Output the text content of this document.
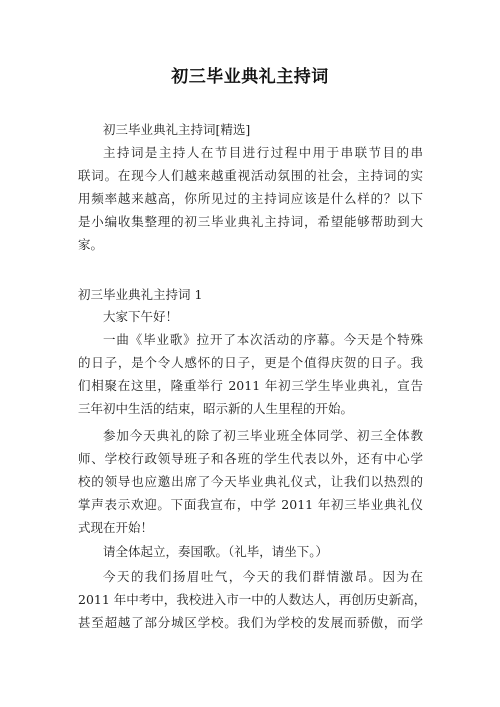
初三毕业典礼主持词
初三毕业典礼主持词[精选]
主持词是主持人在节目进行过程中用于串联节目的串
联词。在现今人们越来越重视活动氛围的社会，主持词的实
用频率越来越高，你所见过的主持词应该是什么样的？以下
是小编收集整理的初三毕业典礼主持词，希望能够帮助到大
家。
初三毕业典礼主持词 1
大家下午好！
一曲《毕业歌》拉开了本次活动的序幕。今天是个特殊
的日子，是个令人感怀的日子，更是个值得庆贺的日子。我
们相聚在这里，隆重举行 2011 年初三学生毕业典礼，宣告
三年初中生活的结束，昭示新的人生里程的开始。
参加今天典礼的除了初三毕业班全体同学、初三全体教
师、学校行政领导班子和各班的学生代表以外，还有中心学
校的领导也应邀出席了今天毕业典礼仪式，让我们以热烈的
掌声表示欢迎。下面我宣布，中学 2011 年初三毕业典礼仪
式现在开始！
请全体起立，奏国歌。（礼毕，请坐下。）
今天的我们扬眉吐气，今天的我们群情激昂。因为在
2011 年中考中，我校进入市一中的人数达人，再创历史新高，
甚至超越了部分城区学校。我们为学校的发展而骄傲，而学
